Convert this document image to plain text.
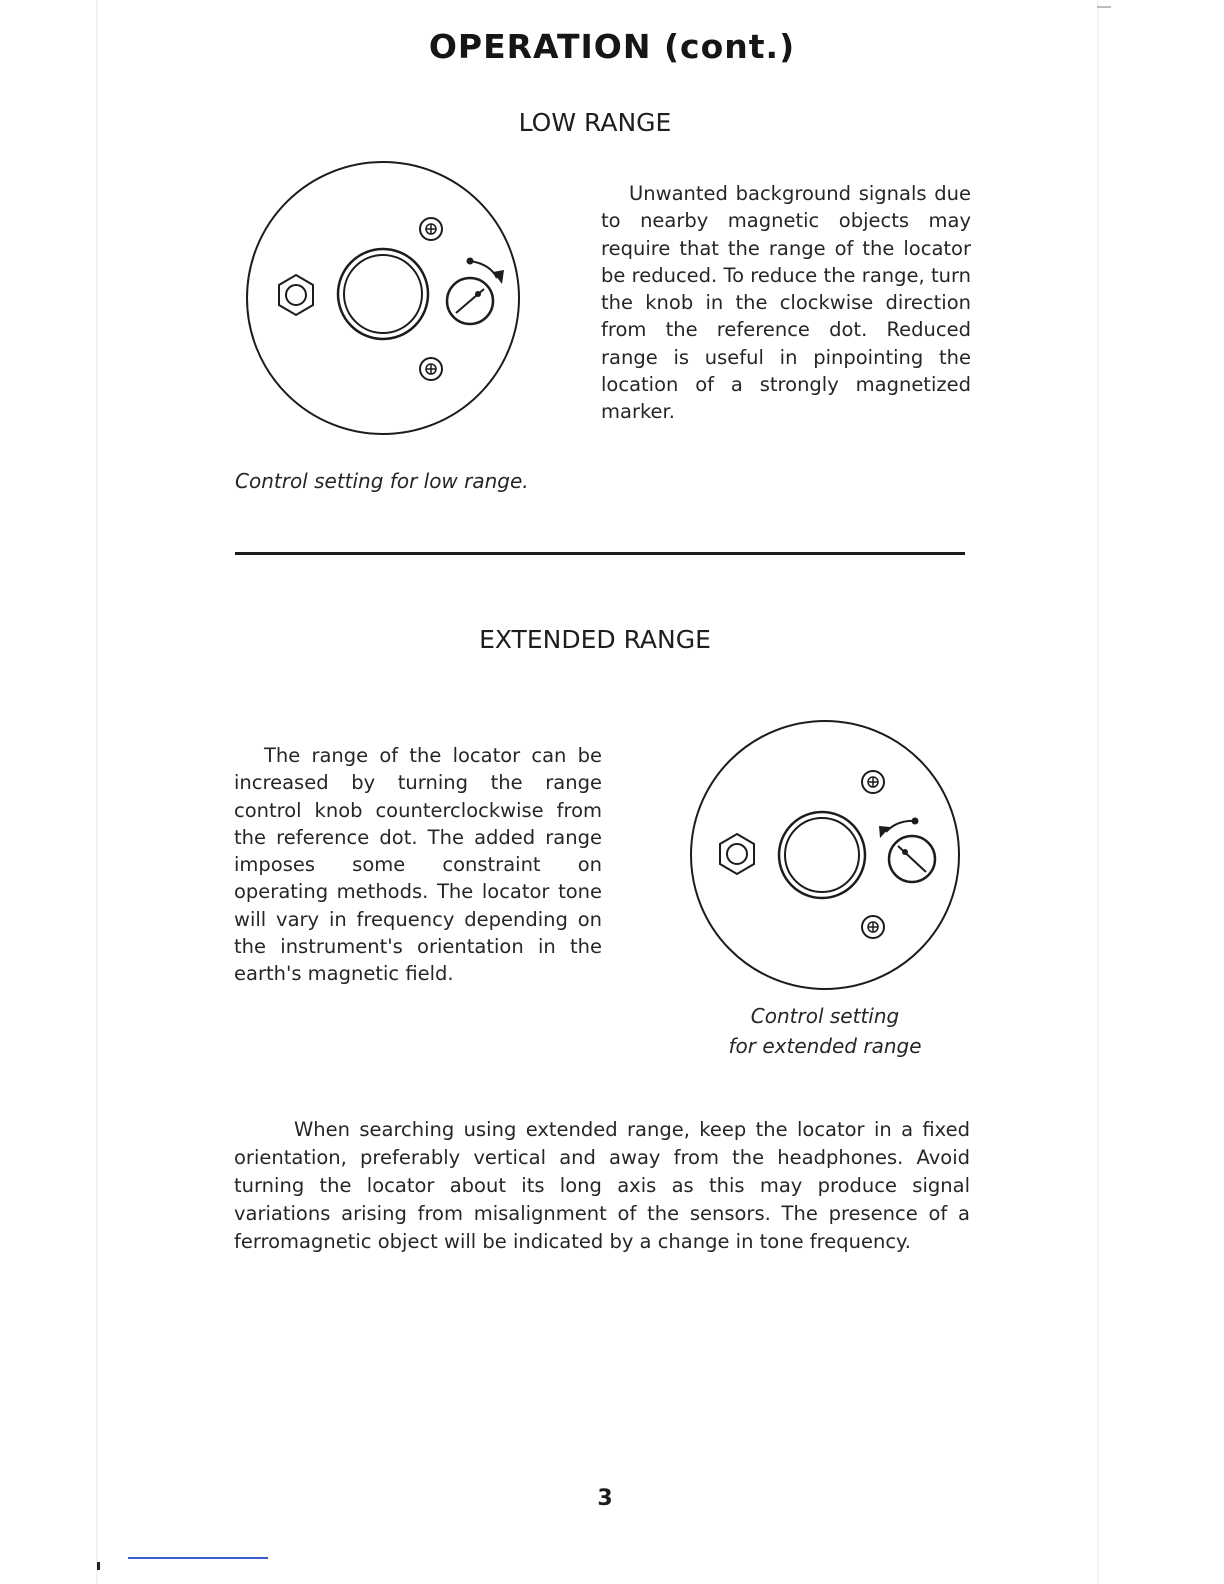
OPERATION (cont.)
LOW RANGE

Unwanted background signals due to nearby magnetic objects may require that the range of the locator be reduced. To reduce the range, turn the knob in the clockwise direction from the reference dot. Reduced range is useful in pinpointing the location of a strongly magnetized marker.

Control setting for low range.
EXTENDED RANGE

The range of the locator can be increased by turning the range control knob counterclockwise from the reference dot. The added range imposes some constraint on operating methods. The locator tone will vary in frequency depending on the instrument's orientation in the earth's magnetic field.

Control setting
for extended range

When searching using extended range, keep the locator in a fixed orientation, preferably vertical and away from the headphones. Avoid turning the locator about its long axis as this may produce signal variations arising from misalignment of the sensors. The presence of a ferromagnetic object will be indicated by a change in tone frequency.

3
